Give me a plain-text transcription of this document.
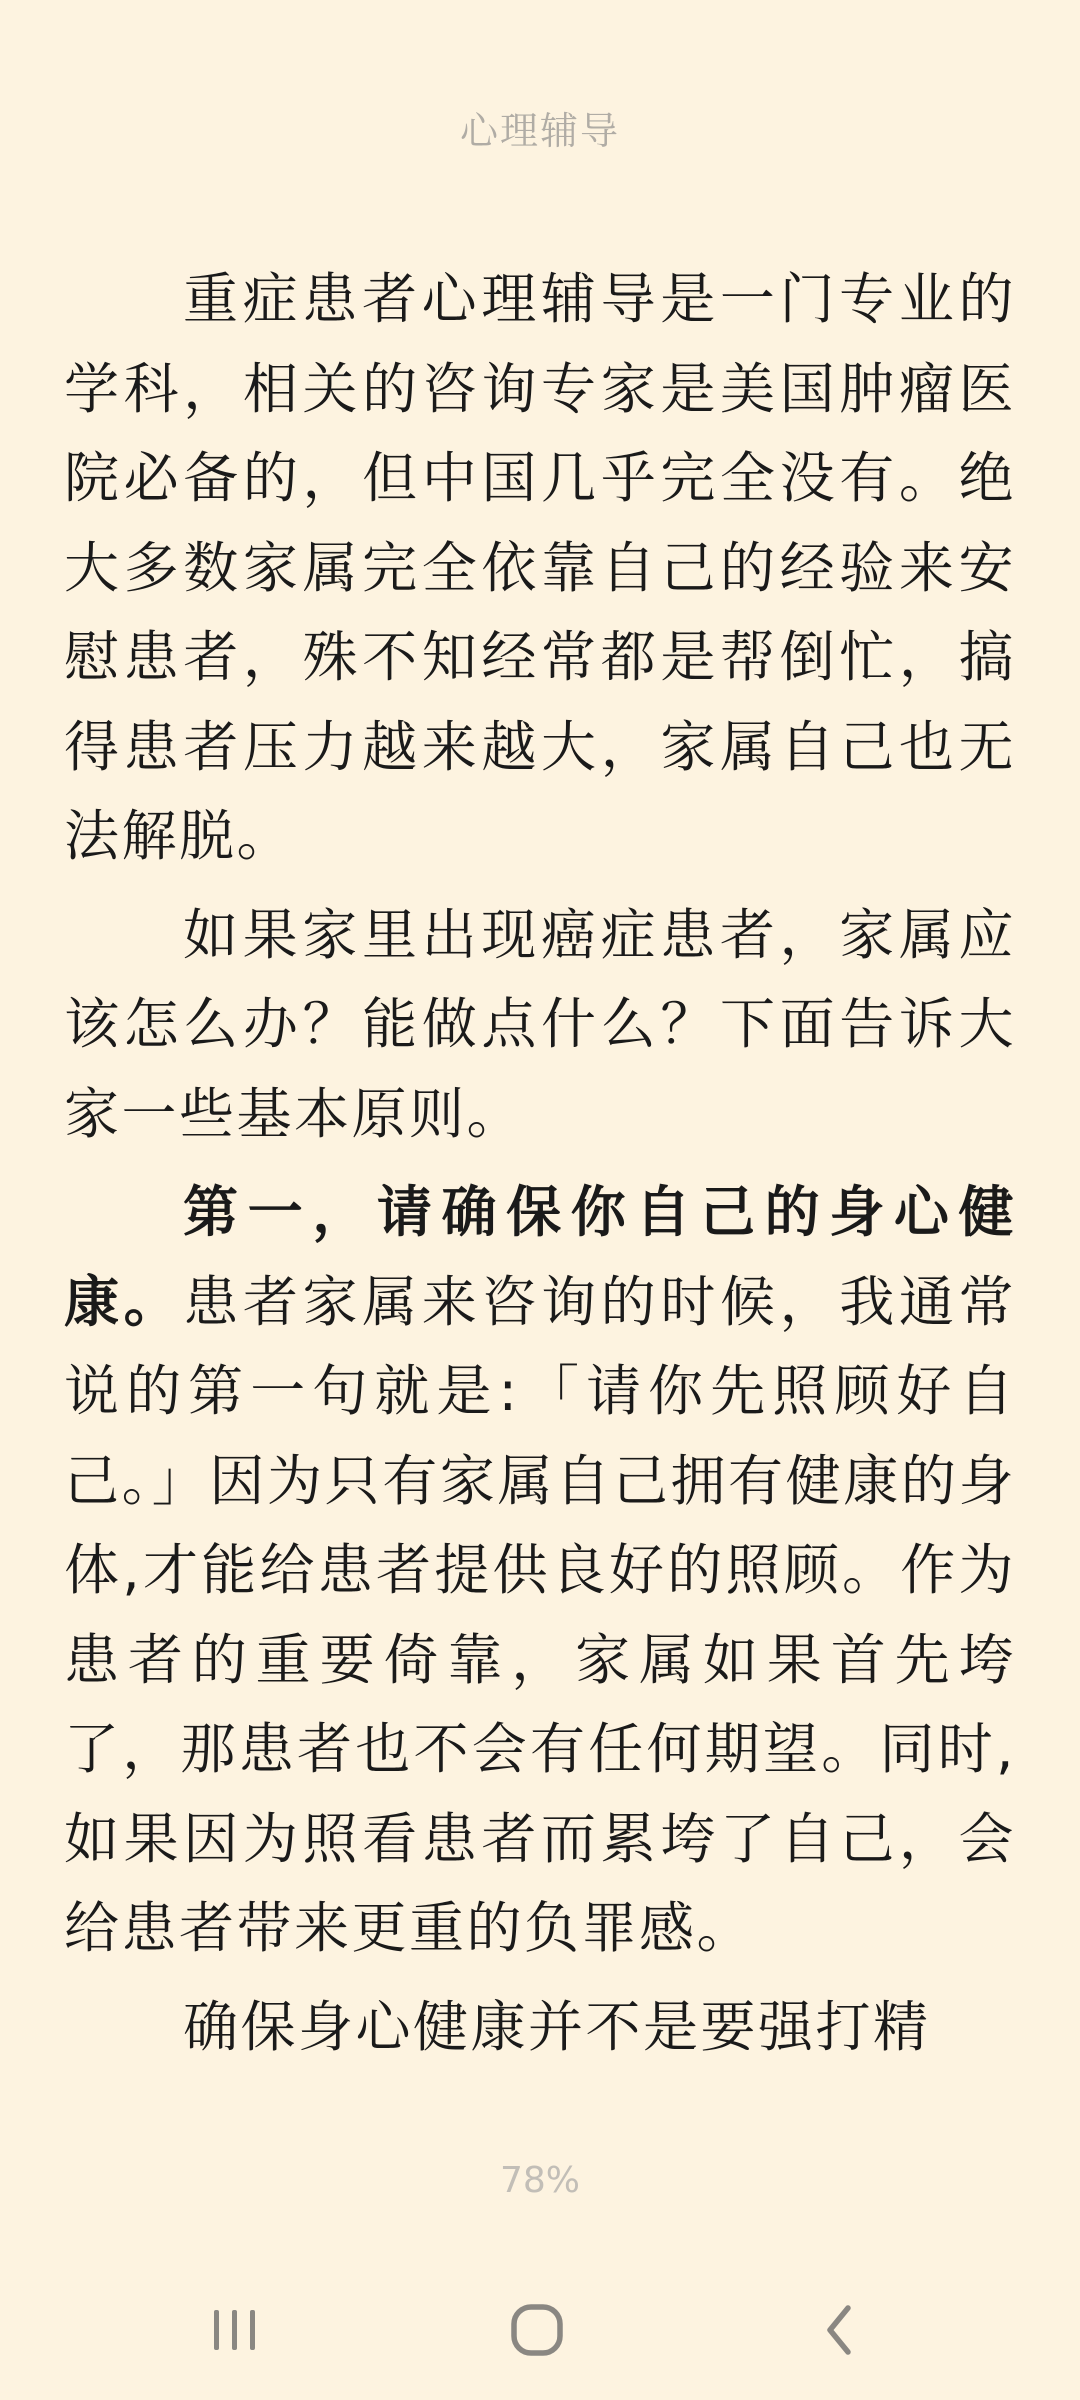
心理辅导

重症患者心理辅导是一门专业的学科，相关的咨询专家是美国肿瘤医院必备的，但中国几乎完全没有。绝大多数家属完全依靠自己的经验来安慰患者，殊不知经常都是帮倒忙，搞得患者压力越来越大，家属自己也无法解脱。

如果家里出现癌症患者，家属应该怎么办？能做点什么？下面告诉大家一些基本原则。

第一，请确保你自己的身心健康。患者家属来咨询的时候，我通常说的第一句就是:「请你先照顾好自己。」因为只有家属自己拥有健康的身体,才能给患者提供良好的照顾。作为患者的重要倚靠，家属如果首先垮了，那患者也不会有任何期望。同时,如果因为照看患者而累垮了自己，会给患者带来更重的负罪感。

确保身心健康并不是要强打精

78%
